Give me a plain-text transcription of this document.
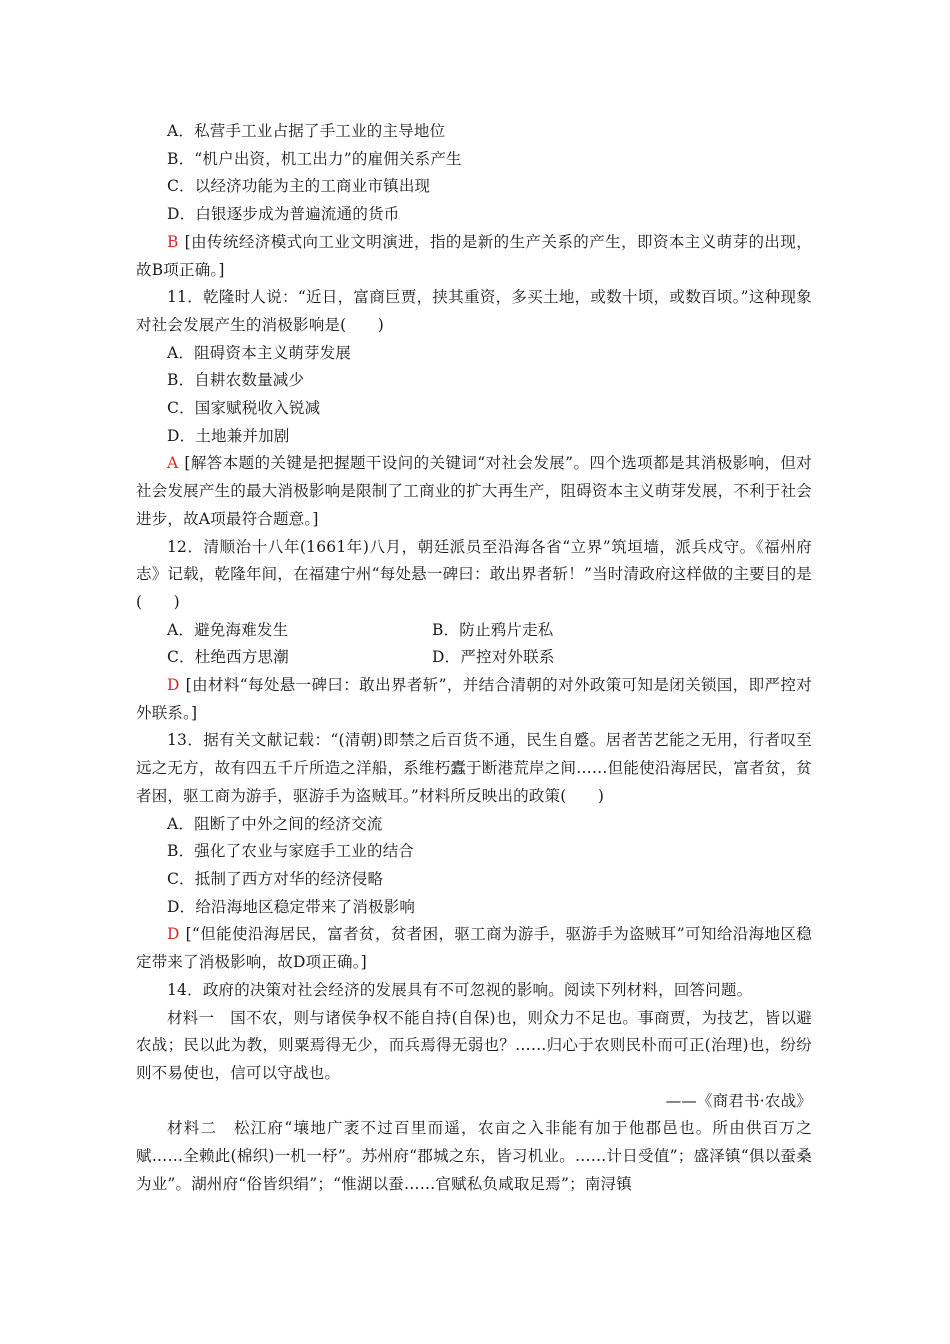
A．私营手工业占据了手工业的主导地位

B．“机户出资，机工出力”的雇佣关系产生

C．以经济功能为主的工商业市镇出现

D．白银逐步成为普遍流通的货币

B [由传统经济模式向工业文明演进，指的是新的生产关系的产生，即资本主义萌芽的出现，故B项正确。]

11．乾隆时人说：“近日，富商巨贾，挟其重资，多买土地，或数十顷，或数百顷。”这种现象对社会发展产生的消极影响是(　　)

A．阻碍资本主义萌芽发展

B．自耕农数量减少

C．国家赋税收入锐减

D．土地兼并加剧

A [解答本题的关键是把握题干设问的关键词“对社会发展”。四个选项都是其消极影响，但对社会发展产生的最大消极影响是限制了工商业的扩大再生产，阻碍资本主义萌芽发展，不利于社会进步，故A项最符合题意。]

12．清顺治十八年(1661年)八月，朝廷派员至沿海各省“立界”筑垣墙，派兵戍守。《福州府志》记载，乾隆年间，在福建宁州“每处悬一碑曰：敢出界者斩！”当时清政府这样做的主要目的是(　　)

A．避免海难发生	B．防止鸦片走私
C．杜绝西方思潮	D．严控对外联系

D [由材料“每处悬一碑曰：敢出界者斩”，并结合清朝的对外政策可知是闭关锁国，即严控对外联系。]

13．据有关文献记载：“(清朝)即禁之后百货不通，民生自蹙。居者苦艺能之无用，行者叹至远之无方，故有四五千斤所造之洋船，系维朽蠹于断港荒岸之间……但能使沿海居民，富者贫，贫者困，驱工商为游手，驱游手为盗贼耳。”材料所反映出的政策(　　)

A．阻断了中外之间的经济交流

B．强化了农业与家庭手工业的结合

C．抵制了西方对华的经济侵略

D．给沿海地区稳定带来了消极影响

D [“但能使沿海居民，富者贫，贫者困，驱工商为游手，驱游手为盗贼耳”可知给沿海地区稳定带来了消极影响，故D项正确。]

14．政府的决策对社会经济的发展具有不可忽视的影响。阅读下列材料，回答问题。

材料一　国不农，则与诸侯争权不能自持(自保)也，则众力不足也。事商贾，为技艺，皆以避农战；民以此为教，则粟焉得无少，而兵焉得无弱也？……归心于农则民朴而可正(治理)也，纷纷则不易使也，信可以守战也。

——《商君书·农战》

材料二　松江府“壤地广袤不过百里而遥，农亩之入非能有加于他郡邑也。所由供百万之赋……全赖此(棉织)一机一杼”。苏州府“郡城之东，皆习机业。……计日受值”；盛泽镇“俱以蚕桑为业”。湖州府“俗皆织绢”；“惟湖以蚕……官赋私负咸取足焉”；南浔镇
